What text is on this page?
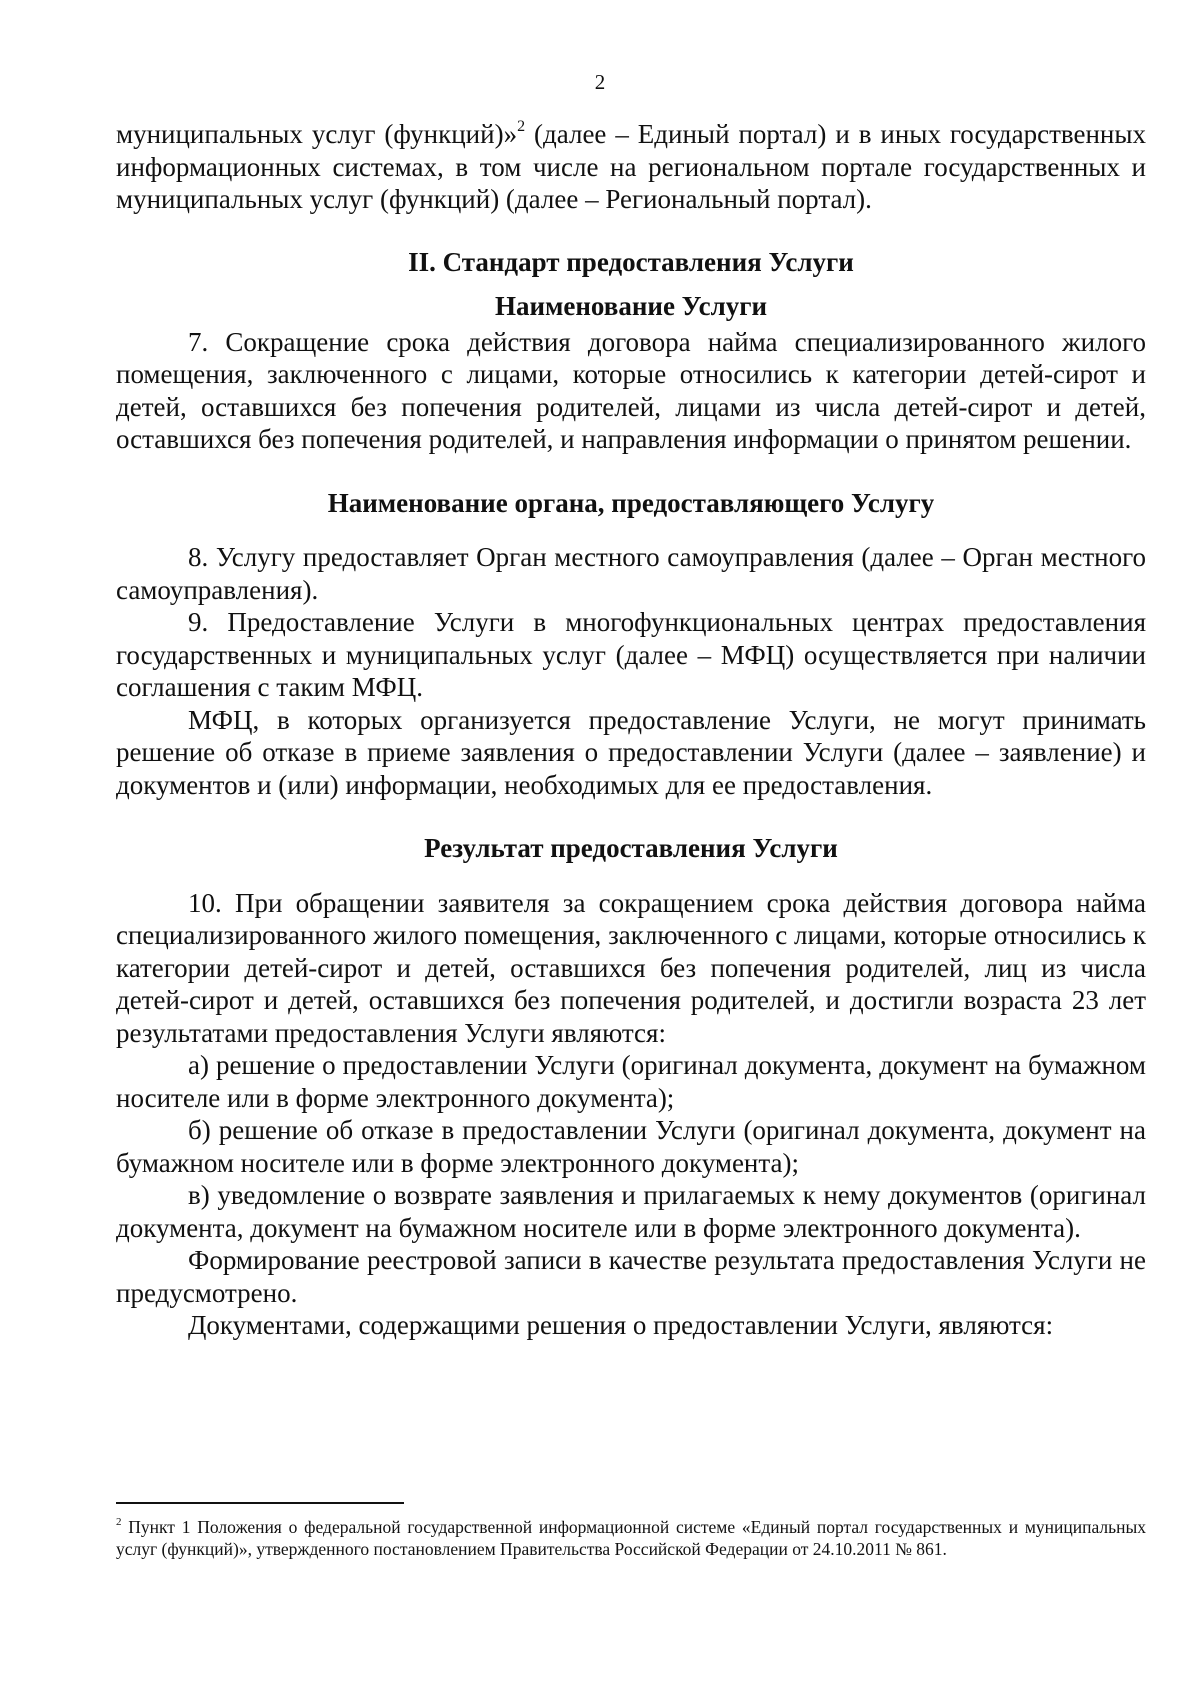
2

муниципальных услуг (функций)»$^2$ (далее – Единый портал) и в иных государственных информационных системах, в том числе на региональном портале государственных и муниципальных услуг (функций) (далее – Региональный портал).

II. Стандарт предоставления Услуги

Наименование Услуги

7. Сокращение срока действия договора найма специализированного жилого помещения, заключенного с лицами, которые относились к категории детей-сирот и детей, оставшихся без попечения родителей, лицами из числа детей-сирот и детей, оставшихся без попечения родителей, и направления информации о принятом решении.

Наименование органа, предоставляющего Услугу

8. Услугу предоставляет Орган местного самоуправления (далее – Орган местного самоуправления).

9. Предоставление Услуги в многофункциональных центрах предоставления государственных и муниципальных услуг (далее – МФЦ) осуществляется при наличии соглашения с таким МФЦ.

МФЦ, в которых организуется предоставление Услуги, не могут принимать решение об отказе в приеме заявления о предоставлении Услуги (далее – заявление) и документов и (или) информации, необходимых для ее предоставления.

Результат предоставления Услуги

10. При обращении заявителя за сокращением срока действия договора найма специализированного жилого помещения, заключенного с лицами, которые относились к категории детей-сирот и детей, оставшихся без попечения родителей, лиц из числа детей-сирот и детей, оставшихся без попечения родителей, и достигли возраста 23 лет результатами предоставления Услуги являются:

а) решение о предоставлении Услуги (оригинал документа, документ на бумажном носителе или в форме электронного документа);

б) решение об отказе в предоставлении Услуги (оригинал документа, документ на бумажном носителе или в форме электронного документа);

в) уведомление о возврате заявления и прилагаемых к нему документов (оригинал документа, документ на бумажном носителе или в форме электронного документа).

Формирование реестровой записи в качестве результата предоставления Услуги не предусмотрено.

Документами, содержащими решения о предоставлении Услуги, являются:

$^2$ Пункт 1 Положения о федеральной государственной информационной системе «Единый портал государственных и муниципальных услуг (функций)», утвержденного постановлением Правительства Российской Федерации от 24.10.2011 № 861.
